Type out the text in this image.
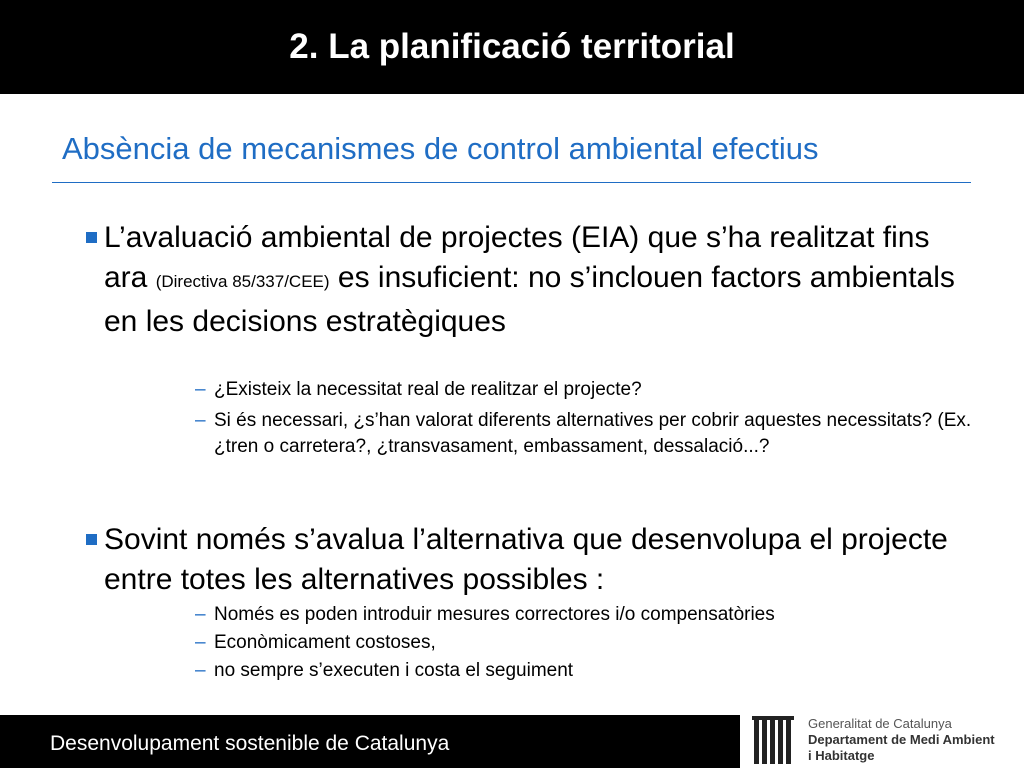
2. La planificació territorial
Absència de mecanismes de control ambiental efectius
L’avaluació ambiental de projectes (EIA) que s’ha realitzat fins ara (Directiva 85/337/CEE) es insuficient: no s’inclouen factors ambientals en les decisions estratègiques
– ¿Existeix la necessitat real de realitzar el projecte?
– Si és necessari, ¿s’han valorat diferents alternatives per cobrir aquestes necessitats? (Ex. ¿tren o carretera?, ¿transvasament, embassament, dessalació...?
Sovint només s’avalua l’alternativa que desenvolupa el projecte entre totes les alternatives possibles :
– Només es poden introduir mesures correctores i/o compensatòries
– Econòmicament costoses,
– no sempre s’executen i costa el seguiment
Desenvolupament sostenible de Catalunya
Generalitat de Catalunya
Departament de Medi Ambient
i Habitatge
